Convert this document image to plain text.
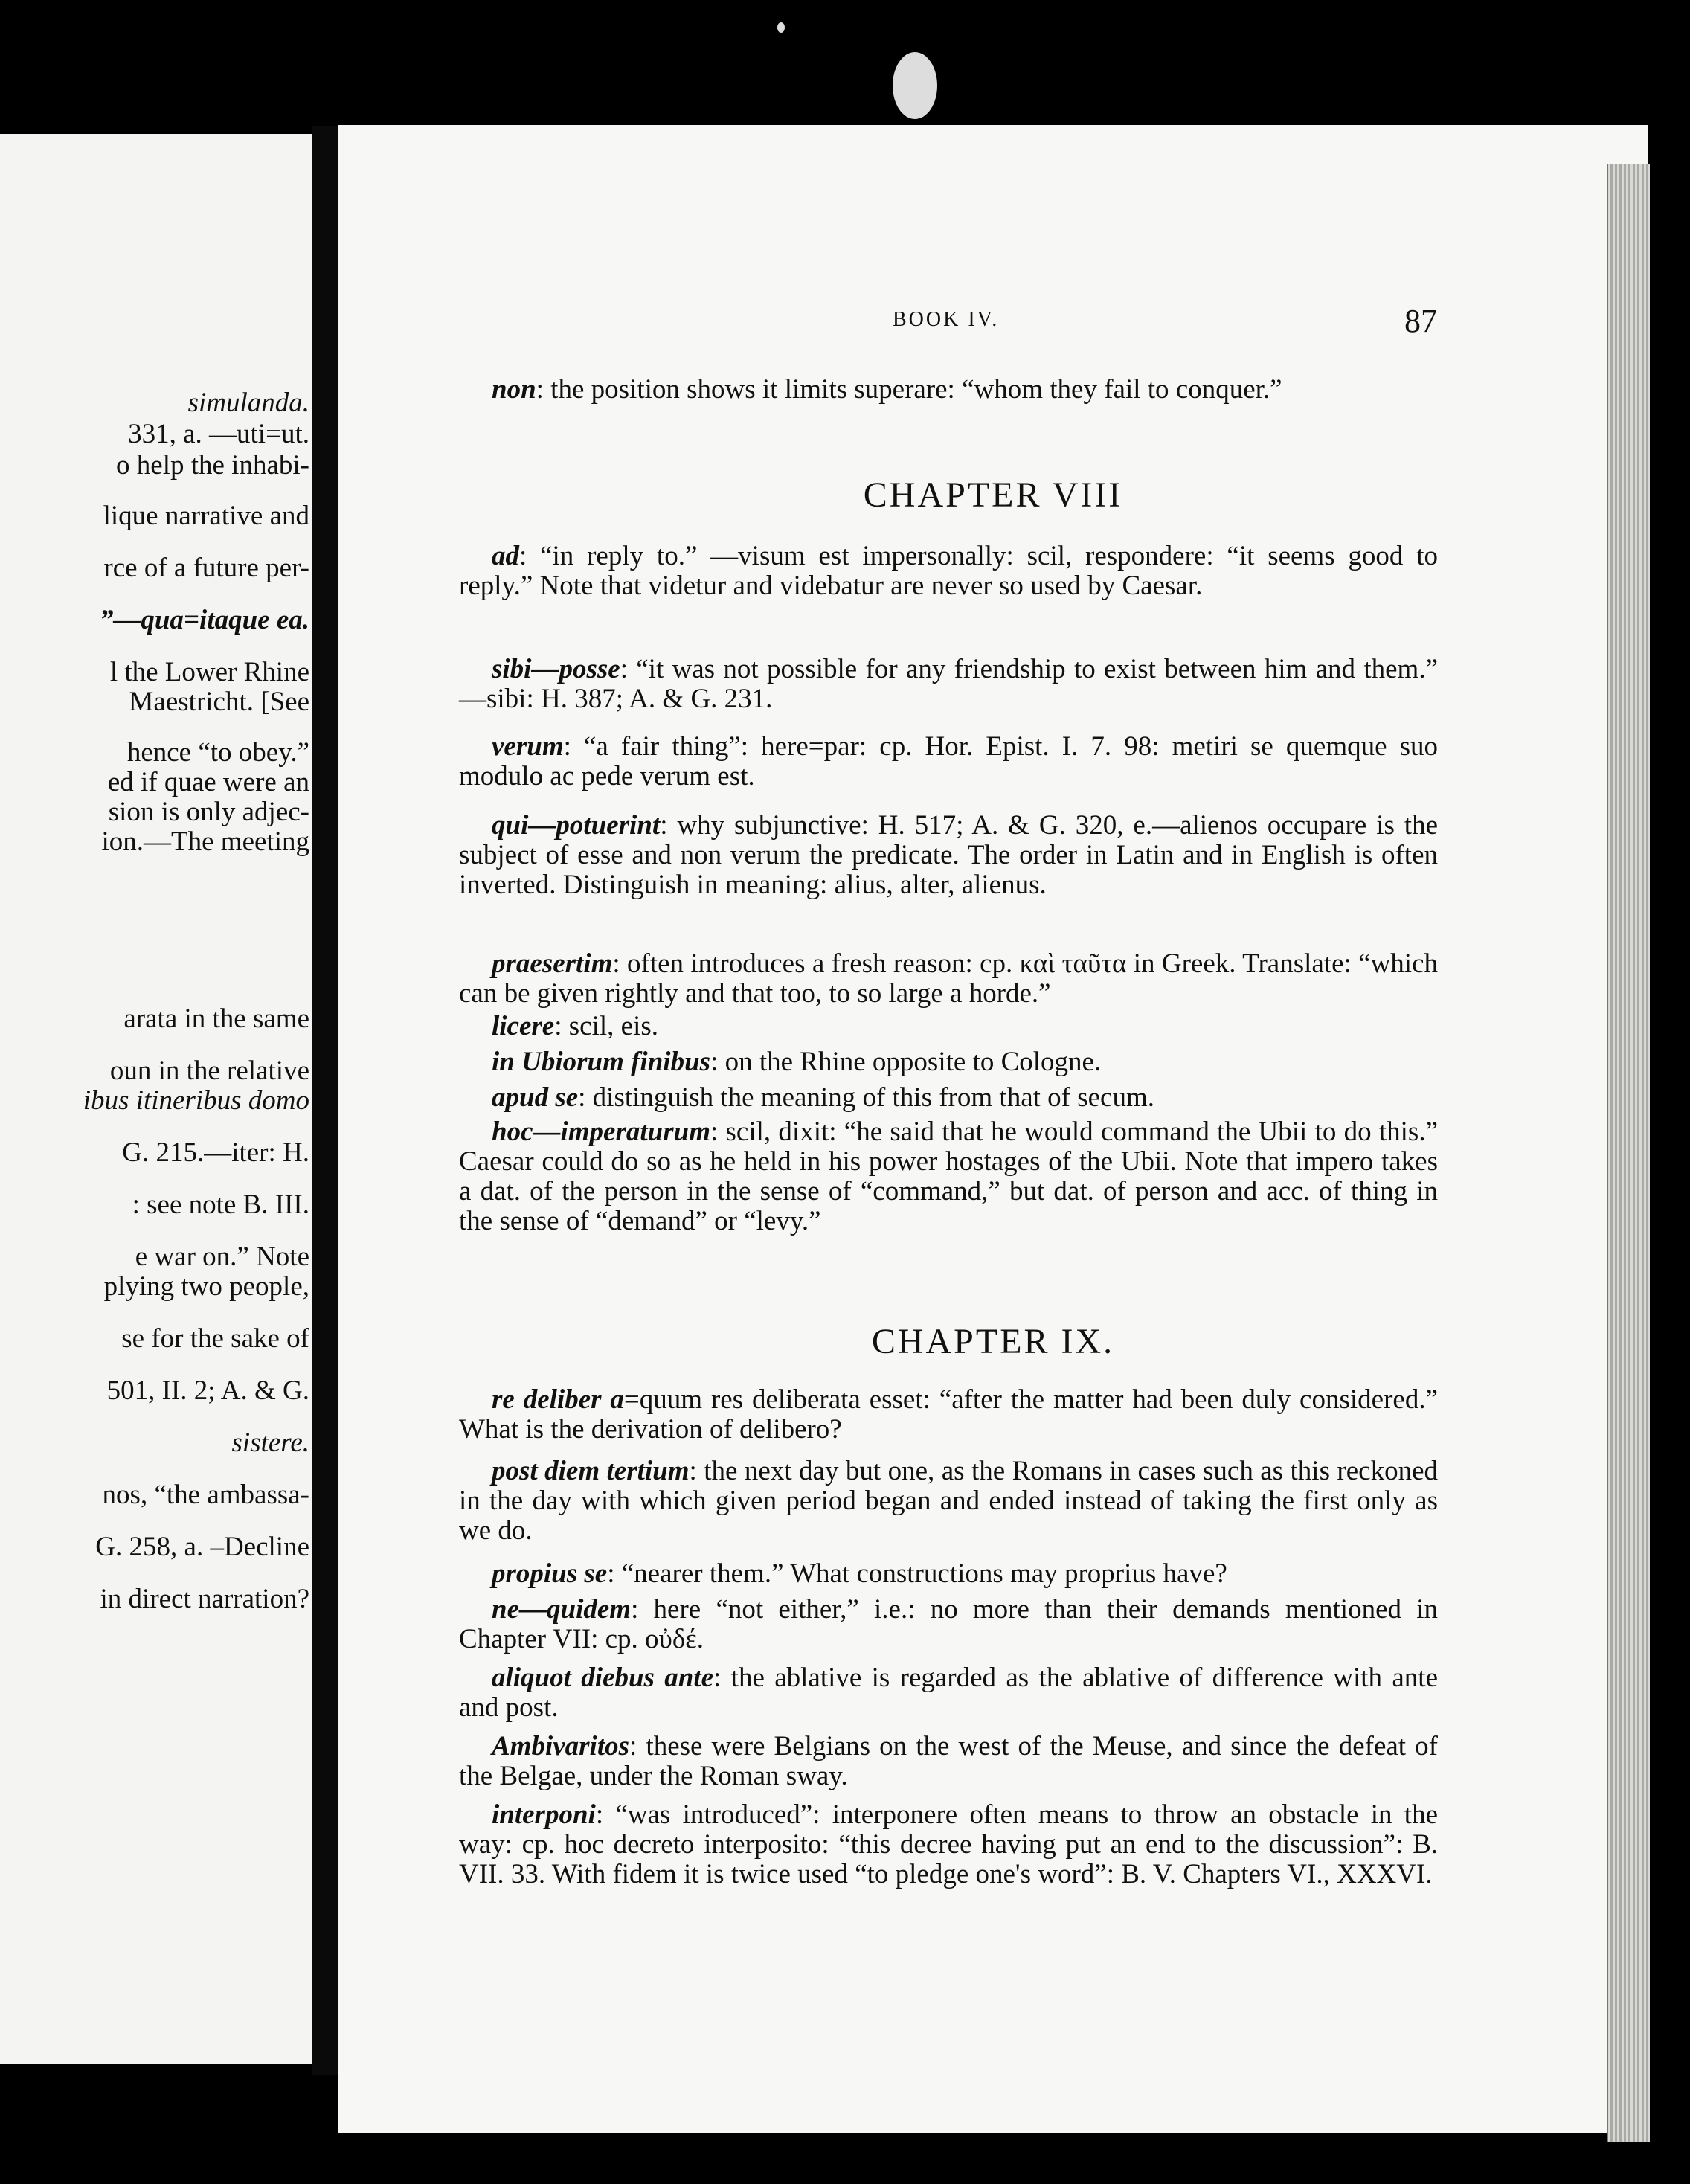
simulanda.
331, a. —uti=ut.
o help the inhabi-
lique narrative and
rce of a future per-
”—qua=itaque ea.
l the Lower Rhine
Maestricht. [See
hence “to obey.”
ed if quae were an
sion is only adjec-
ion.—The meeting
arata in the same
oun in the relative
ibus itineribus domo
G. 215.—iter: H.
: see note B. III.
e war on.” Note
plying two people,
se for the sake of
501, II. 2; A. & G.
sistere.
nos, “the ambassa-
G. 258, a. –Decline
in direct narration?
BOOK IV.	87

non: the position shows it limits superare: “whom they fail to conquer.”

CHAPTER VIII

ad: “in reply to.” —visum est impersonally: scil, respondere: “it seems good to reply.” Note that videtur and videbatur are never so used by Caesar.

sibi—posse: “it was not possible for any friendship to exist between him and them.” —sibi: H. 387; A. & G. 231.

verum: “a fair thing”: here=par: cp. Hor. Epist. I. 7. 98: metiri se quemque suo modulo ac pede verum est.

qui—potuerint: why subjunctive: H. 517; A. & G. 320, e.—alienos occupare is the subject of esse and non verum the predicate. The order in Latin and in English is often inverted. Distinguish in meaning: alius, alter, alienus.

praesertim: often introduces a fresh reason: cp. καὶ ταῦτα in Greek. Translate: “which can be given rightly and that too, to so large a horde.”

licere: scil, eis.

in Ubiorum finibus: on the Rhine opposite to Cologne.

apud se: distinguish the meaning of this from that of secum.

hoc—imperaturum: scil, dixit: “he said that he would command the Ubii to do this.” Caesar could do so as he held in his power hostages of the Ubii. Note that impero takes a dat. of the person in the sense of “command,” but dat. of person and acc. of thing in the sense of “demand” or “levy.”

CHAPTER IX.

re deliber a=quum res deliberata esset: “after the matter had been duly considered.” What is the derivation of delibero?

post diem tertium: the next day but one, as the Romans in cases such as this reckoned in the day with which given period began and ended instead of taking the first only as we do.

propius se: “nearer them.” What constructions may proprius have?

ne—quidem: here “not either,” i.e.: no more than their demands mentioned in Chapter VII: cp. οὐδέ.

aliquot diebus ante: the ablative is regarded as the ablative of difference with ante and post.

Ambivaritos: these were Belgians on the west of the Meuse, and since the defeat of the Belgae, under the Roman sway.

interponi: “was introduced”: interponere often means to throw an obstacle in the way: cp. hoc decreto interposito: “this decree having put an end to the discussion”: B. VII. 33. With fidem it is twice used “to pledge one's word”: B. V. Chapters VI., XXXVI.
